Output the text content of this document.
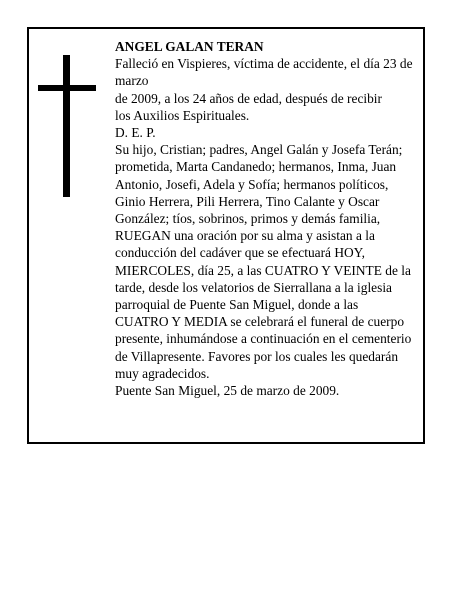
ANGEL GALAN TERAN
Falleció en Vispieres, víctima de accidente, el día 23 de
marzo
de 2009, a los 24 años de edad, después de recibir
los Auxilios Espirituales.
D. E. P.
Su hijo, Cristian; padres, Angel Galán y Josefa Terán;
prometida, Marta Candanedo; hermanos, Inma, Juan
Antonio, Josefi, Adela y Sofía; hermanos políticos,
Ginio Herrera, Pili Herrera, Tino Calante y Oscar
González; tíos, sobrinos, primos y demás familia,
RUEGAN una oración por su alma y asistan a la
conducción del cadáver que se efectuará HOY,
MIERCOLES, día 25, a las CUATRO Y VEINTE de la
tarde, desde los velatorios de Sierrallana a la iglesia
parroquial de Puente San Miguel, donde a las
CUATRO Y MEDIA se celebrará el funeral de cuerpo
presente, inhumándose a continuación en el cementerio
de Villapresente. Favores por los cuales les quedarán
muy agradecidos.
Puente San Miguel, 25 de marzo de 2009.
